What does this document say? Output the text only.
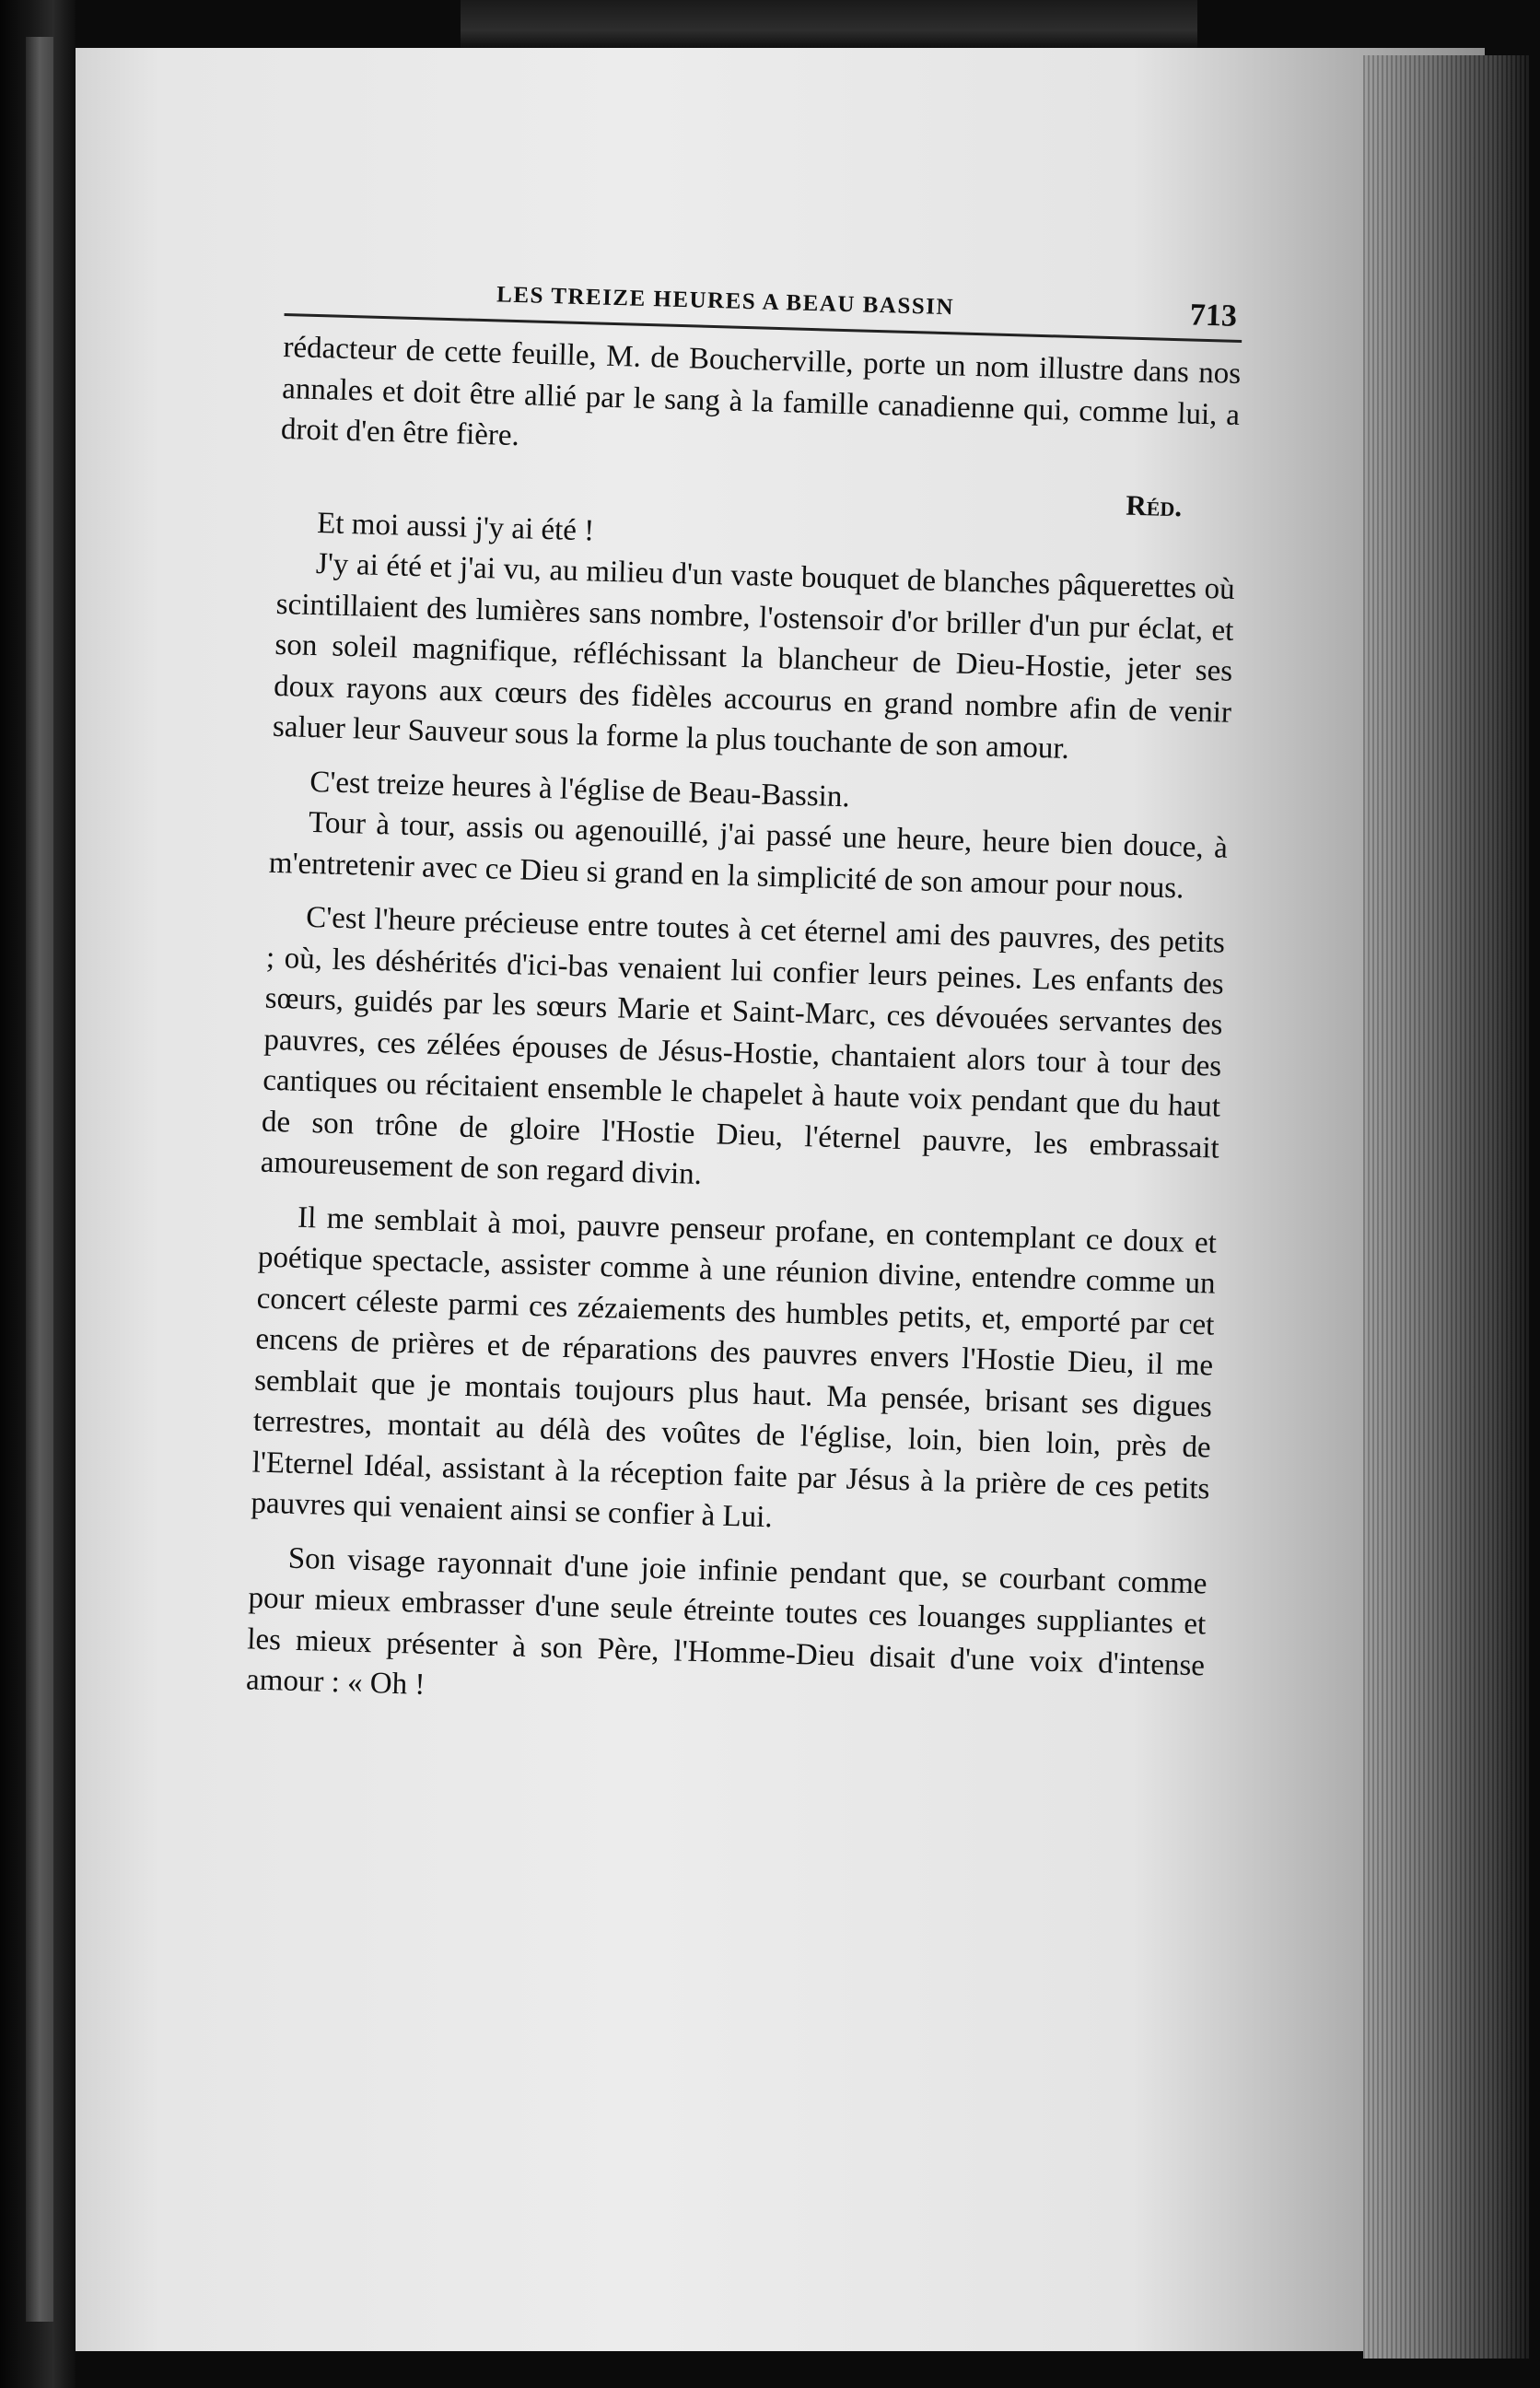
LES TREIZE HEURES A BEAU BASSIN	713

rédacteur de cette feuille, M. de Boucherville, porte un nom illustre dans nos annales et doit être allié par le sang à la famille canadienne qui, comme lui, a droit d'en être fière.

Réd.

Et moi aussi j'y ai été !

J'y ai été et j'ai vu, au milieu d'un vaste bouquet de blanches pâquerettes où scintillaient des lumières sans nombre, l'ostensoir d'or briller d'un pur éclat, et son soleil magnifique, réfléchissant la blancheur de Dieu-Hostie, jeter ses doux rayons aux cœurs des fidèles accourus en grand nombre afin de venir saluer leur Sauveur sous la forme la plus touchante de son amour.

C'est treize heures à l'église de Beau-Bassin.

Tour à tour, assis ou agenouillé, j'ai passé une heure, heure bien douce, à m'entretenir avec ce Dieu si grand en la simplicité de son amour pour nous.

C'est l'heure précieuse entre toutes à cet éternel ami des pauvres, des petits ; où, les déshérités d'ici-bas venaient lui confier leurs peines. Les enfants des sœurs, guidés par les sœurs Marie et Saint-Marc, ces dévouées servantes des pauvres, ces zélées épouses de Jésus-Hostie, chantaient alors tour à tour des cantiques ou récitaient ensemble le chapelet à haute voix pendant que du haut de son trône de gloire l'Hostie Dieu, l'éternel pauvre, les embrassait amoureusement de son regard divin.

Il me semblait à moi, pauvre penseur profane, en contemplant ce doux et poétique spectacle, assister comme à une réunion divine, entendre comme un concert céleste parmi ces zézaiements des humbles petits, et, emporté par cet encens de prières et de réparations des pauvres envers l'Hostie Dieu, il me semblait que je montais toujours plus haut. Ma pensée, brisant ses digues terrestres, montait au délà des voûtes de l'église, loin, bien loin, près de l'Eternel Idéal, assistant à la réception faite par Jésus à la prière de ces petits pauvres qui venaient ainsi se confier à Lui.

Son visage rayonnait d'une joie infinie pendant que, se courbant comme pour mieux embrasser d'une seule étreinte toutes ces louanges suppliantes et les mieux présenter à son Père, l'Homme-Dieu disait d'une voix d'intense amour : « Oh !
